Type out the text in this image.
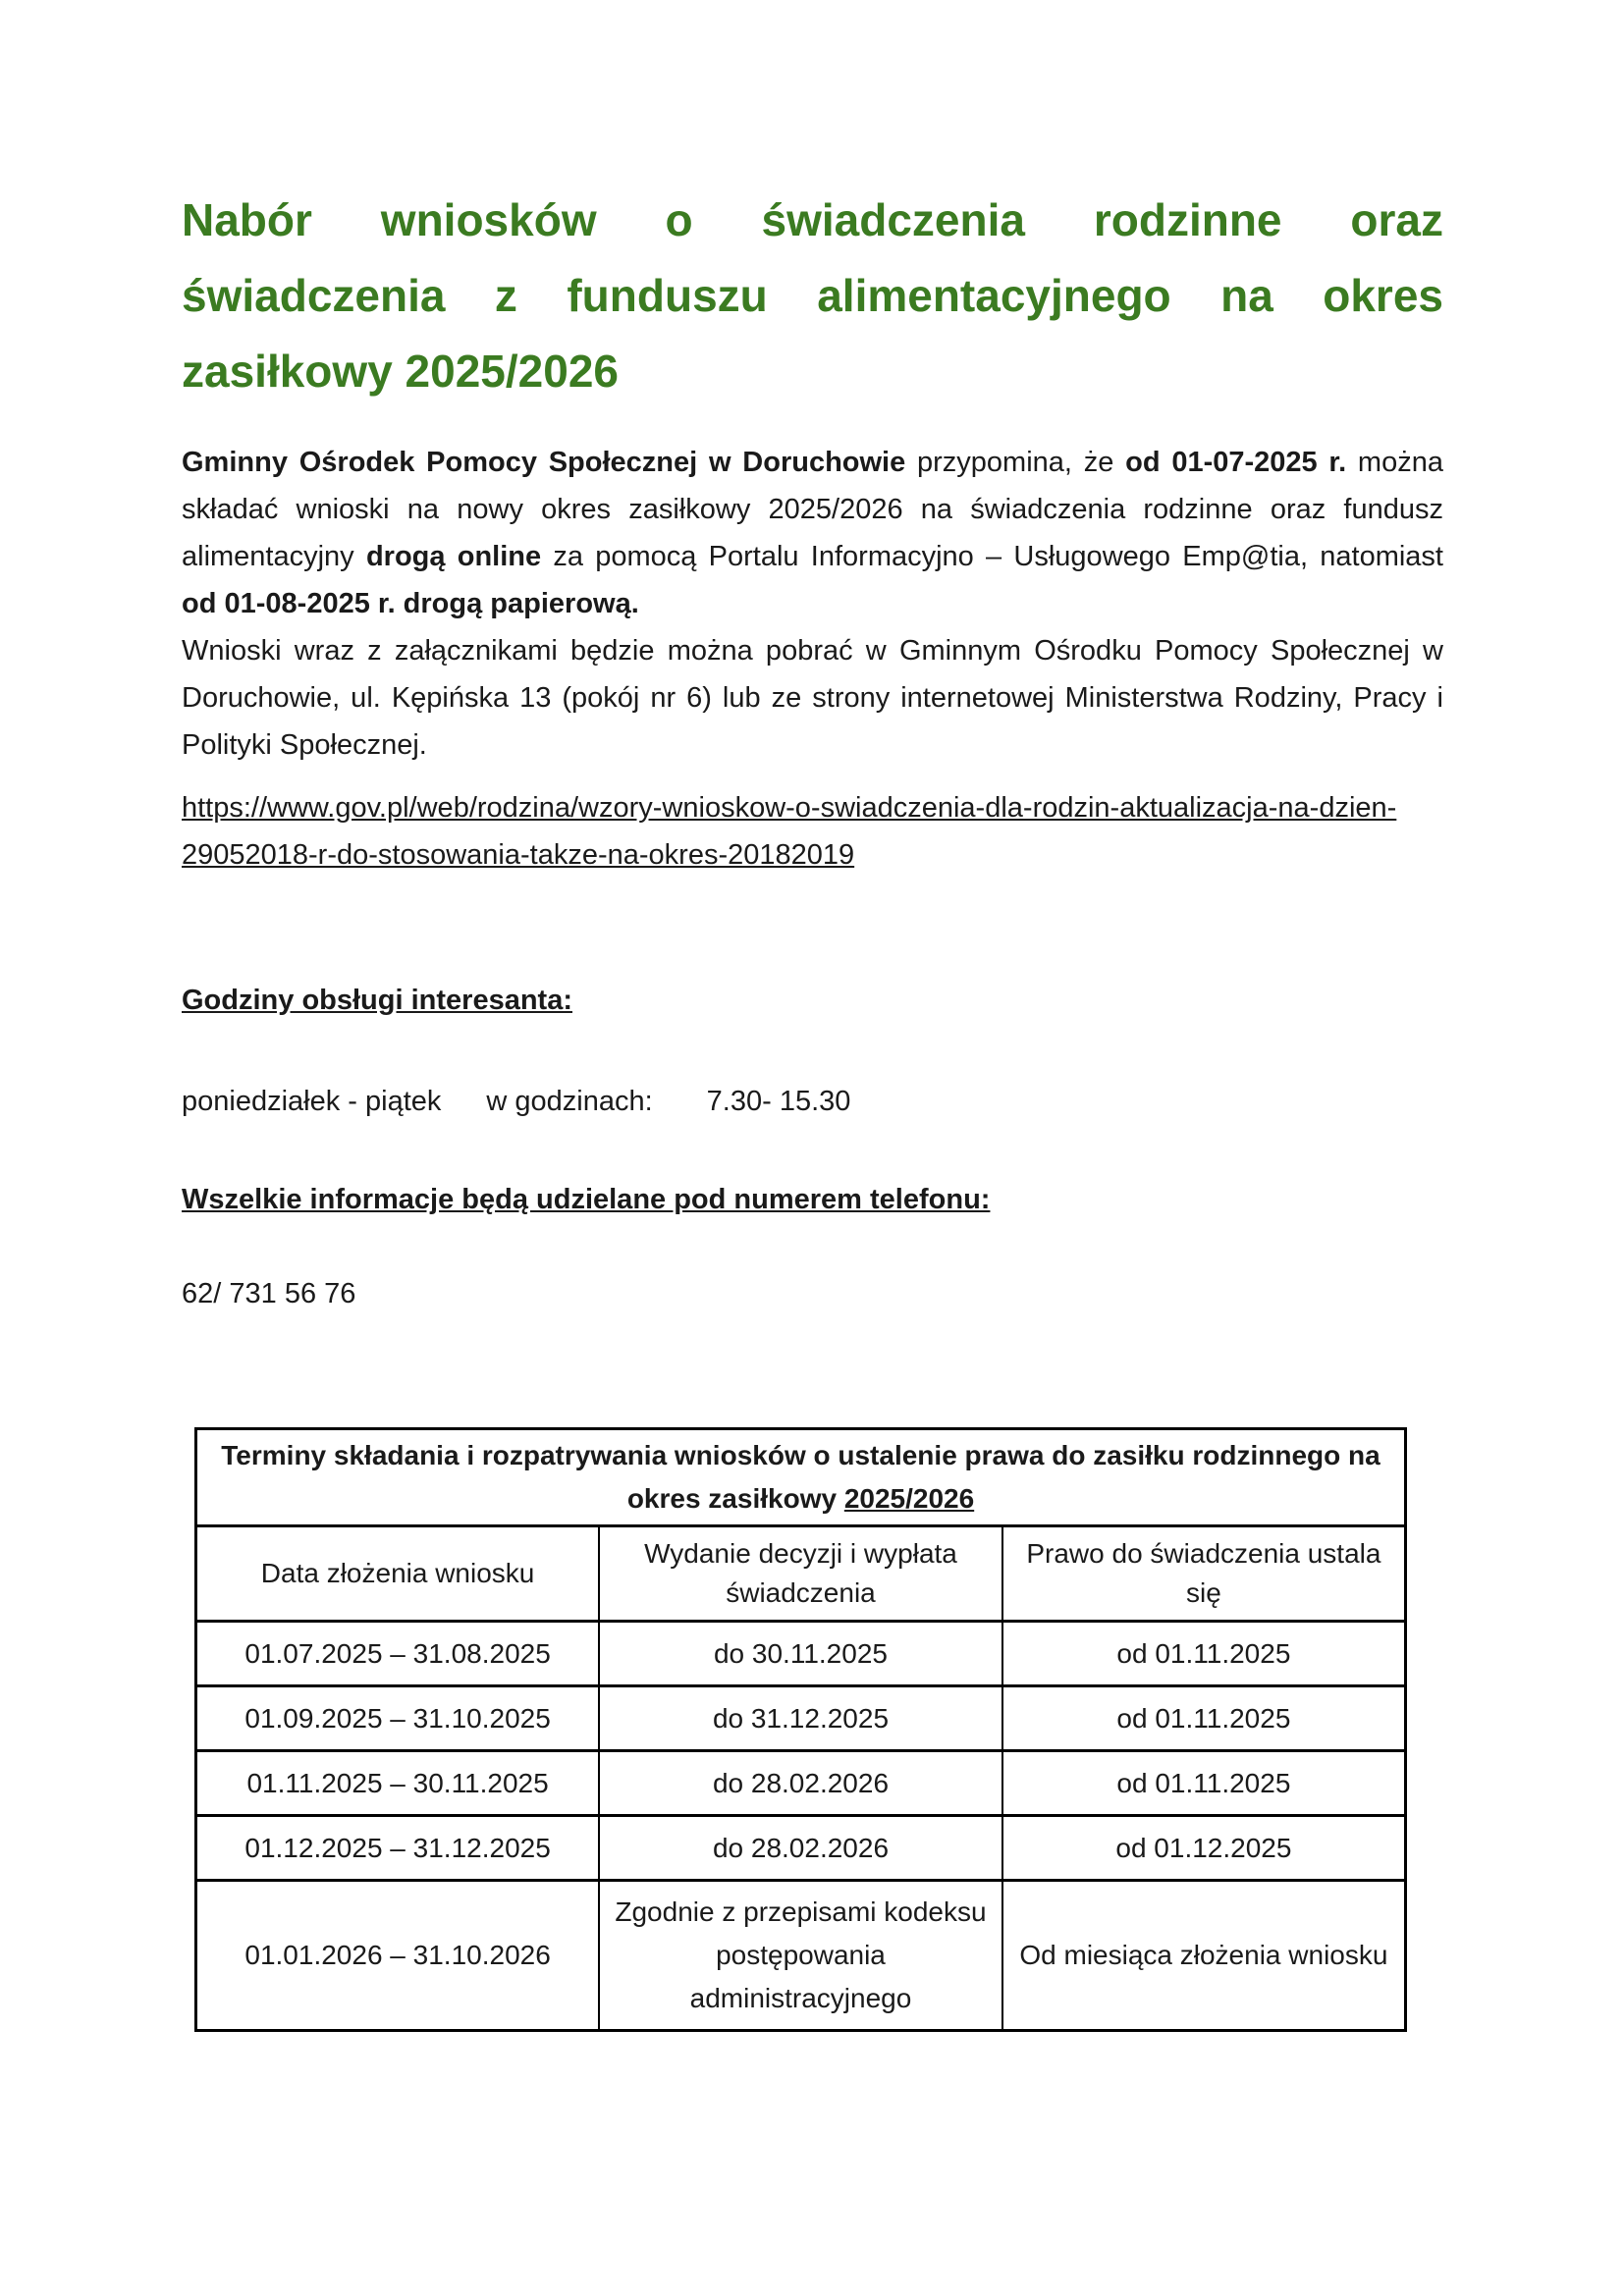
Nabór wniosków o świadczenia rodzinne oraz
świadczenia z funduszu alimentacyjnego na okres
zasiłkowy 2025/2026

Gminny Ośrodek Pomocy Społecznej w Doruchowie przypomina, że od 01-07-2025 r. można składać wnioski na nowy okres zasiłkowy 2025/2026 na świadczenia rodzinne oraz fundusz alimentacyjny drogą online za pomocą Portalu Informacyjno – Usługowego Emp@tia, natomiast od 01-08-2025 r. drogą papierową.

Wnioski wraz z załącznikami będzie można pobrać w Gminnym Ośrodku Pomocy Społecznej w Doruchowie, ul. Kępińska 13 (pokój nr 6) lub ze strony internetowej Ministerstwa Rodziny, Pracy i Polityki Społecznej.

https://www.gov.pl/web/rodzina/wzory-wnioskow-o-swiadczenia-dla-rodzin-aktualizacja-na-dzien-29052018-r-do-stosowania-takze-na-okres-20182019

Godziny obsługi interesanta:

poniedziałek - piątek w godzinach: 7.30- 15.30

Wszelkie informacje będą udzielane pod numerem telefonu:

62/ 731 56 76

Terminy składania i rozpatrywania wniosków o ustalenie prawa do zasiłku rodzinnego na okres zasiłkowy 2025/2026		
Data złożenia wniosku	Wydanie decyzji i wypłata świadczenia	Prawo do świadczenia ustala się
01.07.2025 – 31.08.2025	do 30.11.2025	od 01.11.2025
01.09.2025 – 31.10.2025	do 31.12.2025	od 01.11.2025
01.11.2025 – 30.11.2025	do 28.02.2026	od 01.11.2025
01.12.2025 – 31.12.2025	do 28.02.2026	od 01.12.2025
01.01.2026 – 31.10.2026	Zgodnie z przepisami kodeksu postępowania administracyjnego	Od miesiąca złożenia wniosku
